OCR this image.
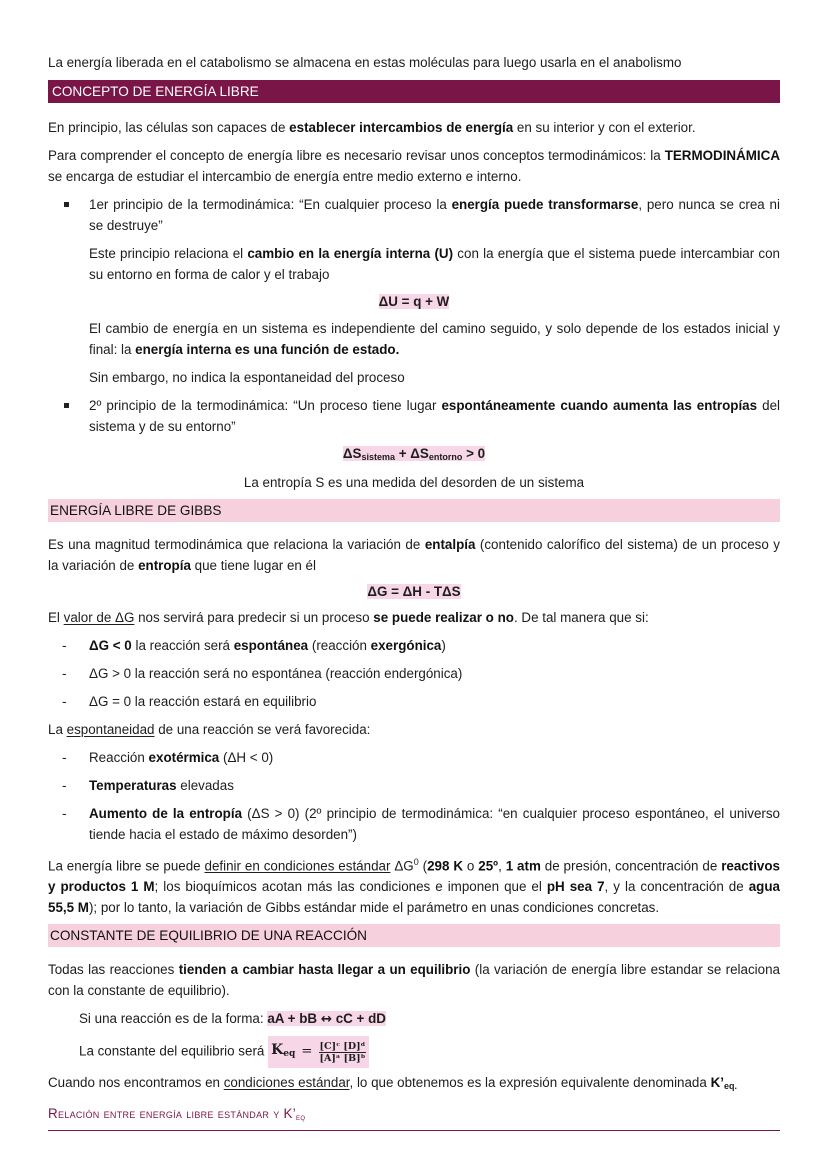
La energía liberada en el catabolismo se almacena en estas moléculas para luego usarla en el anabolismo

CONCEPTO DE ENERGÍA LIBRE

En principio, las células son capaces de establecer intercambios de energía en su interior y con el exterior.

Para comprender el concepto de energía libre es necesario revisar unos conceptos termodinámicos: la TERMODINÁMICA se encarga de estudiar el intercambio de energía entre medio externo e interno.

1er principio de la termodinámica: “En cualquier proceso la energía puede transformarse, pero nunca se crea ni se destruye”

Este principio relaciona el cambio en la energía interna (U) con la energía que el sistema puede intercambiar con su entorno en forma de calor y el trabajo

ΔU = q + W

El cambio de energía en un sistema es independiente del camino seguido, y solo depende de los estados inicial y final: la energía interna es una función de estado.

Sin embargo, no indica la espontaneidad del proceso

2º principio de la termodinámica: “Un proceso tiene lugar espontáneamente cuando aumenta las entropías del sistema y de su entorno”

$\Delta S_{sistema} + \Delta S_{entorno} > 0$

La entropía S es una medida del desorden de un sistema

ENERGÍA LIBRE DE GIBBS

Es una magnitud termodinámica que relaciona la variación de entalpía (contenido calorífico del sistema) de un proceso y la variación de entropía que tiene lugar en él

ΔG = ΔH - TΔS

El valor de ΔG nos servirá para predecir si un proceso se puede realizar o no. De tal manera que si:

- ΔG < 0 la reacción será espontánea (reacción exergónica)

- ΔG > 0 la reacción será no espontánea (reacción endergónica)

- ΔG = 0 la reacción estará en equilibrio

La espontaneidad de una reacción se verá favorecida:

- Reacción exotérmica (ΔH < 0)

- Temperaturas elevadas

- Aumento de la entropía (ΔS > 0) (2º principio de termodinámica: “en cualquier proceso espontáneo, el universo tiende hacia el estado de máximo desorden”)

La energía libre se puede definir en condiciones estándar $\Delta G^0$ (298 K o 25º, 1 atm de presión, concentración de reactivos y productos 1 M; los bioquímicos acotan más las condiciones e imponen que el pH sea 7, y la concentración de agua 55,5 M); por lo tanto, la variación de Gibbs estándar mide el parámetro en unas condiciones concretas.

CONSTANTE DE EQUILIBRIO DE UNA REACCIÓN

Todas las reacciones tienden a cambiar hasta llegar a un equilibrio (la variación de energía libre estandar se relaciona con la constante de equilibrio).

Si una reacción es de la forma: aA + bB ↔ cC + dD

La constante del equilibrio será $K_{eq} = \frac{\text{[C]ᶜ [D]ᵈ}}{\text{[A]ᵃ [B]ᵇ}}$

Cuando nos encontramos en condiciones estándar, lo que obtenemos es la expresión equivalente denominada $K’_{eq.}$

Relación entre energía libre estándar y $K’_{eq}$
